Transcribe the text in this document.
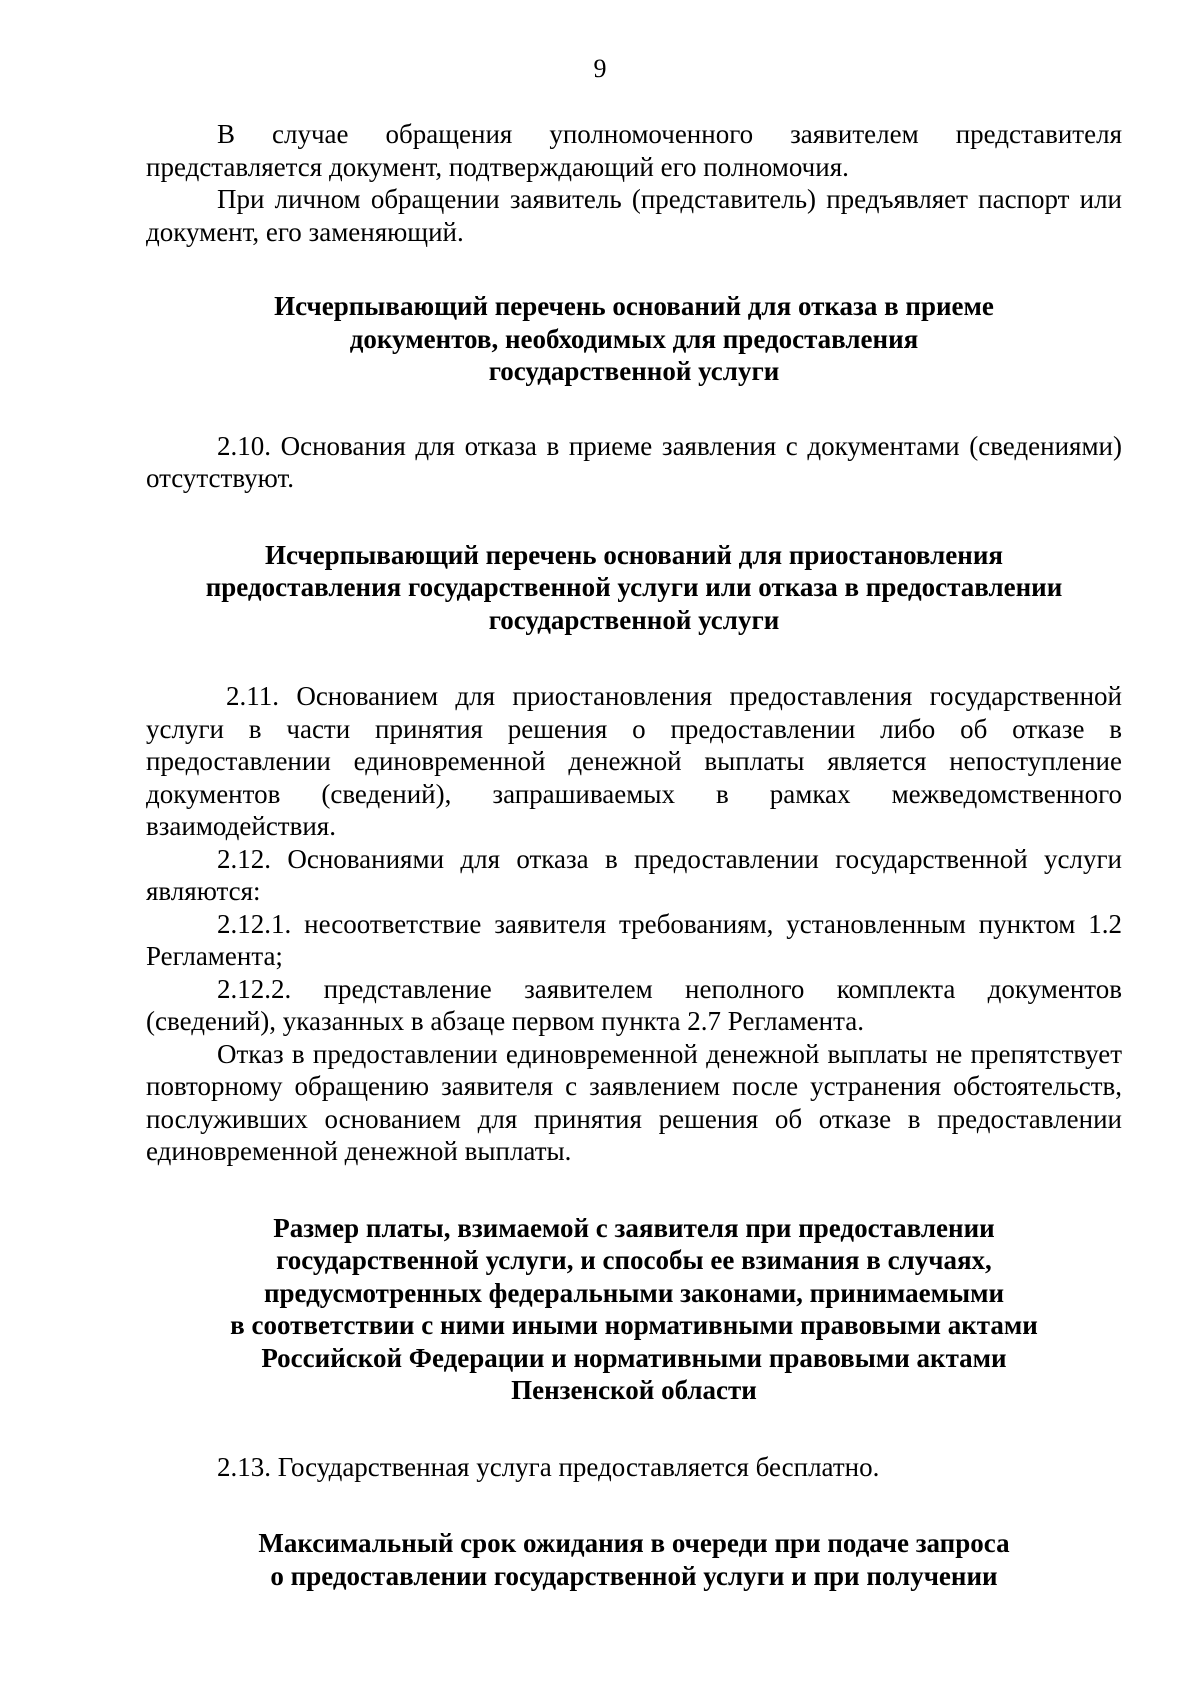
9

В случае обращения уполномоченного заявителем представителя представляется документ, подтверждающий его полномочия.

При личном обращении заявитель (представитель) предъявляет паспорт или документ, его заменяющий.

Исчерпывающий перечень оснований для отказа в приеме
документов, необходимых для предоставления
государственной услуги

2.10. Основания для отказа в приеме заявления с документами (сведениями) отсутствуют.

Исчерпывающий перечень оснований для приостановления
предоставления государственной услуги или отказа в предоставлении
государственной услуги

2.11. Основанием для приостановления предоставления государственной услуги в части принятия решения о предоставлении либо об отказе в предоставлении единовременной денежной выплаты является непоступление документов (сведений), запрашиваемых в рамках межведомственного взаимодействия.

2.12. Основаниями для отказа в предоставлении государственной услуги являются:

2.12.1. несоответствие заявителя требованиям, установленным пунктом 1.2 Регламента;

2.12.2. представление заявителем неполного комплекта документов (сведений), указанных в абзаце первом пункта 2.7 Регламента.

Отказ в предоставлении единовременной денежной выплаты не препятствует повторному обращению заявителя с заявлением после устранения обстоятельств, послуживших основанием для принятия решения об отказе в предоставлении единовременной денежной выплаты.

Размер платы, взимаемой с заявителя при предоставлении
государственной услуги, и способы ее взимания в случаях,
предусмотренных федеральными законами, принимаемыми
в соответствии с ними иными нормативными правовыми актами
Российской Федерации и нормативными правовыми актами
Пензенской области

2.13. Государственная услуга предоставляется бесплатно.

Максимальный срок ожидания в очереди при подаче запроса
о предоставлении государственной услуги и при получении
